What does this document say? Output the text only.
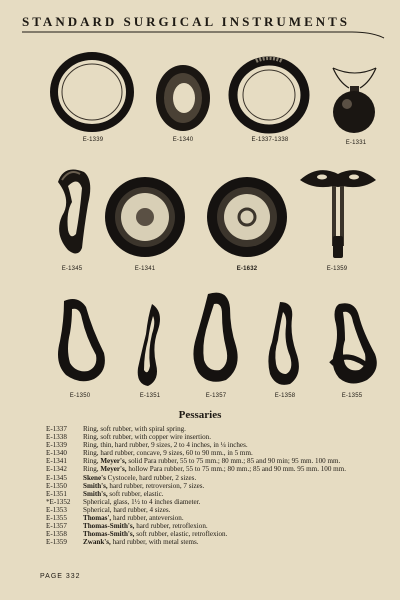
STANDARD SURGICAL INSTRUMENTS
E-1339	E-1340	E-1337-1338	E-1331
E-1345	E-1341	E-1632	E-1359
E-1350	E-1351	E-1357	E-1358	E-1355
Pessaries
E-1337	Ring, soft rubber, with spiral spring.
E-1338	Ring, soft rubber, with copper wire insertion.
E-1339	Ring, thin, hard rubber, 9 sizes, 2 to 4 inches, in ¼ inches.
E-1340	Ring, hard rubber, concave, 9 sizes, 60 to 90 mm., in 5 mm.
E-1341	Ring, Meyer's, solid Para rubber, 55 to 75 mm.; 80 mm.; 85 and 90 min; 95 mm. 100 mm.
E-1342	Ring, Meyer's, hollow Para rubber, 55 to 75 mm.; 80 mm.; 85 and 90 mm. 95 mm. 100 mm.
E-1345	Skene's Cystocele, hard rubber, 2 sizes.
E-1350	Smith's, hard rubber, retroversion, 7 sizes.
E-1351	Smith's, soft rubber, elastic.
*E-1352	Spherical, glass, 1½ to 4 inches diameter.
E-1353	Spherical, hard rubber, 4 sizes.
E-1355	Thomas', hard rubber, anteversion.
E-1357	Thomas-Smith's, hard rubber, retroflexion.
E-1358	Thomas-Smith's, soft rubber, elastic, retroflexion.
E-1359	Zwank's, hard rubber, with metal stems.
PAGE 332
